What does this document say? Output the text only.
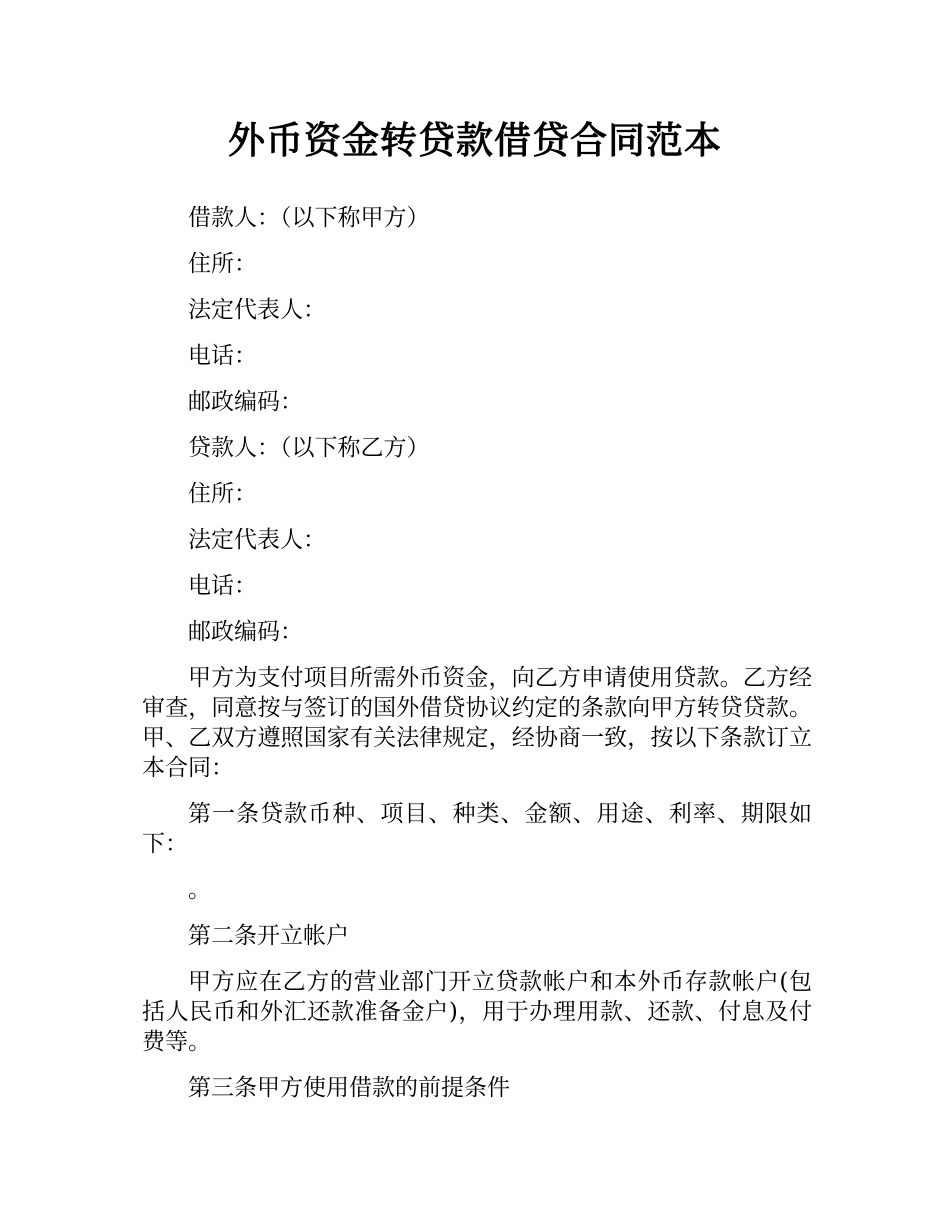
外币资金转贷款借贷合同范本

借款人：（以下称甲方）

住所：

法定代表人：

电话：

邮政编码：

贷款人：（以下称乙方）

住所：

法定代表人：

电话：

邮政编码：

甲方为支付项目所需外币资金，向乙方申请使用贷款。乙方经审查，同意按与签订的国外借贷协议约定的条款向甲方转贷贷款。甲、乙双方遵照国家有关法律规定，经协商一致，按以下条款订立本合同：

第一条贷款币种、项目、种类、金额、用途、利率、期限如下：

。

第二条开立帐户

甲方应在乙方的营业部门开立贷款帐户和本外币存款帐户(包括人民币和外汇还款准备金户)，用于办理用款、还款、付息及付费等。

第三条甲方使用借款的前提条件
